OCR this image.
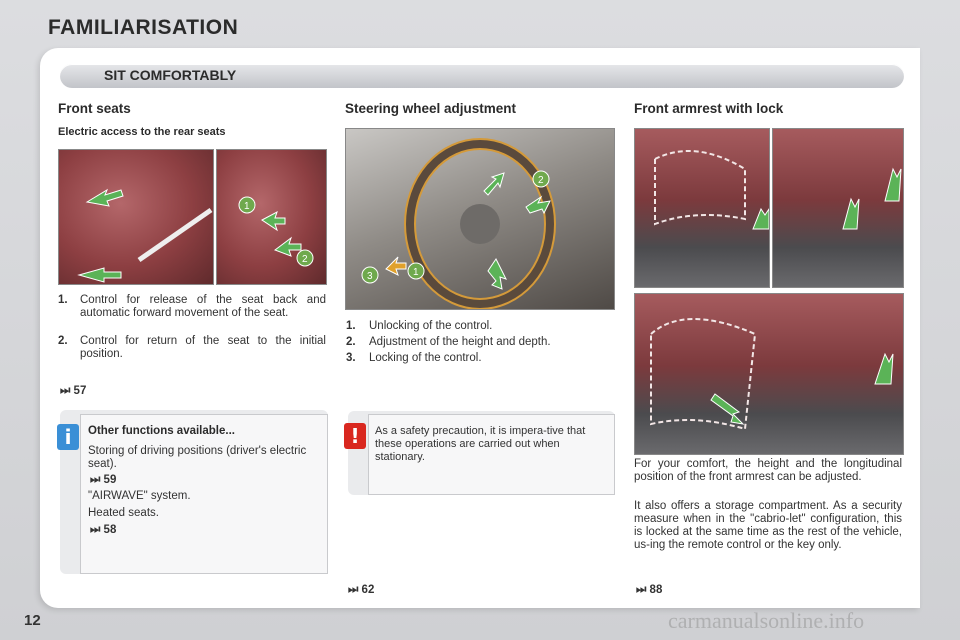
FAMILIARISATION
SIT COMFORTABLY
Front seats
Electric access to the rear seats
1
2
1. Control for release of the seat back and automatic forward movement of the seat.
2. Control for return of the seat to the initial position.
⏭ 57
i	Other functions available...
Storing of driving positions (driver's electric seat).
⏭ 59
"AIRWAVE" system.
Heated seats.
⏭ 58
Steering wheel adjustment
2
1
3
1. Unlocking of the control.
2. Adjustment of the height and depth.
3. Locking of the control.
!	As a safety precaution, it is impera-tive that these operations are carried out when stationary.
⏭ 62
Front armrest with lock
For your comfort, the height and the longitudinal position of the front armrest can be adjusted.
It also offers a storage compartment. As a security measure when in the "cabrio-let" configuration, this is locked at the same time as the rest of the vehicle, us-ing the remote control or the key only.
⏭ 88
12	carmanualsonline.info
